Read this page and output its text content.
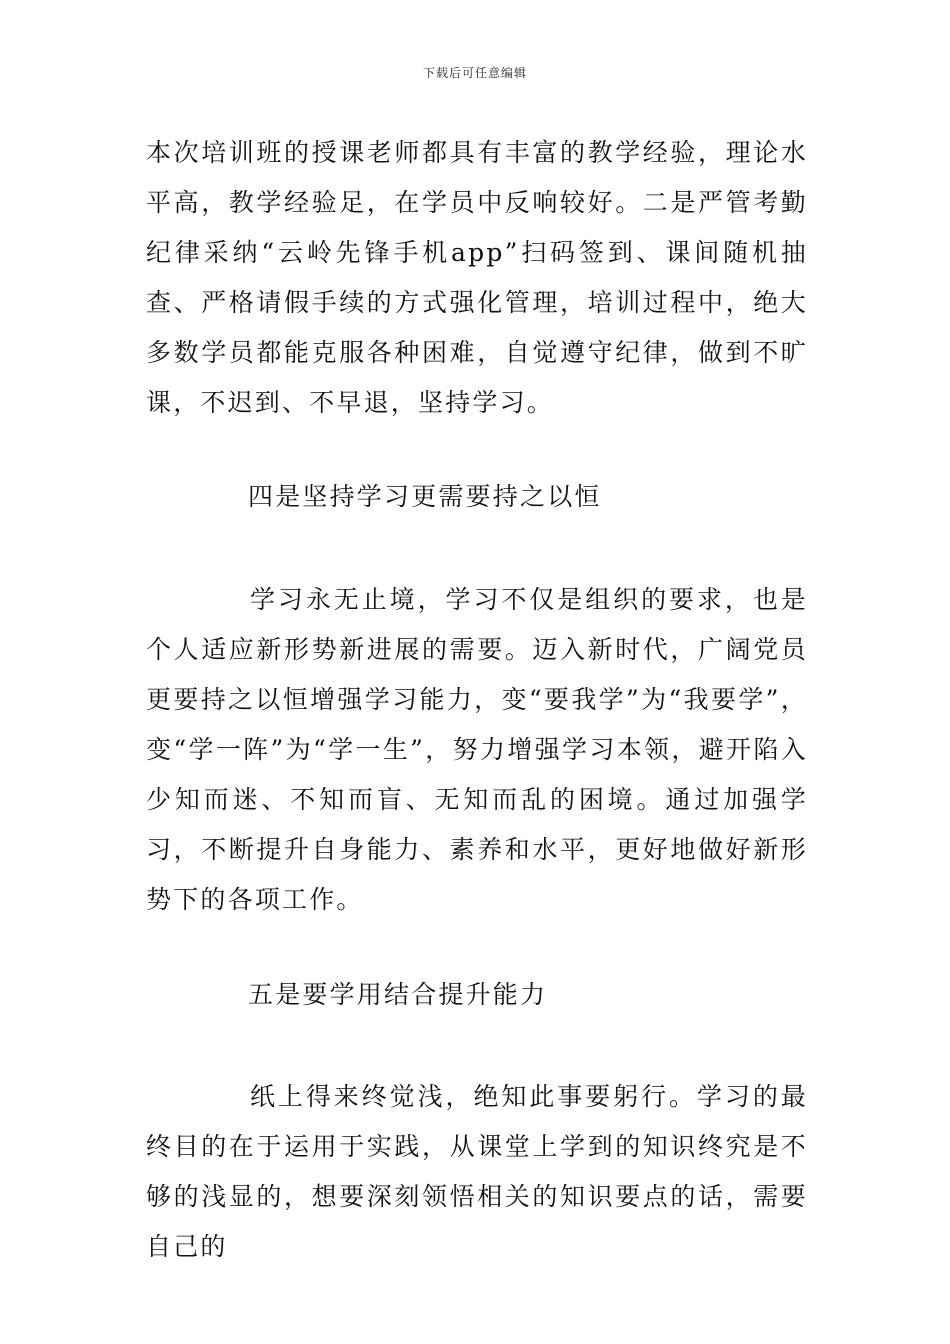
下载后可任意编辑
本次培训班的授课老师都具有丰富的教学经验，理论水平高，教学经验足，在学员中反响较好。二是严管考勤纪律采纳“云岭先锋手机app”扫码签到、课间随机抽查、严格请假手续的方式强化管理，培训过程中，绝大多数学员都能克服各种困难，自觉遵守纪律，做到不旷课，不迟到、不早退，坚持学习。
四是坚持学习更需要持之以恒
学习永无止境，学习不仅是组织的要求，也是个人适应新形势新进展的需要。迈入新时代，广阔党员更要持之以恒增强学习能力，变“要我学”为“我要学”，变“学一阵”为“学一生”，努力增强学习本领，避开陷入少知而迷、不知而盲、无知而乱的困境。通过加强学习，不断提升自身能力、素养和水平，更好地做好新形势下的各项工作。
五是要学用结合提升能力
纸上得来终觉浅，绝知此事要躬行。学习的最终目的在于运用于实践，从课堂上学到的知识终究是不够的浅显的，想要深刻领悟相关的知识要点的话，需要自己的
